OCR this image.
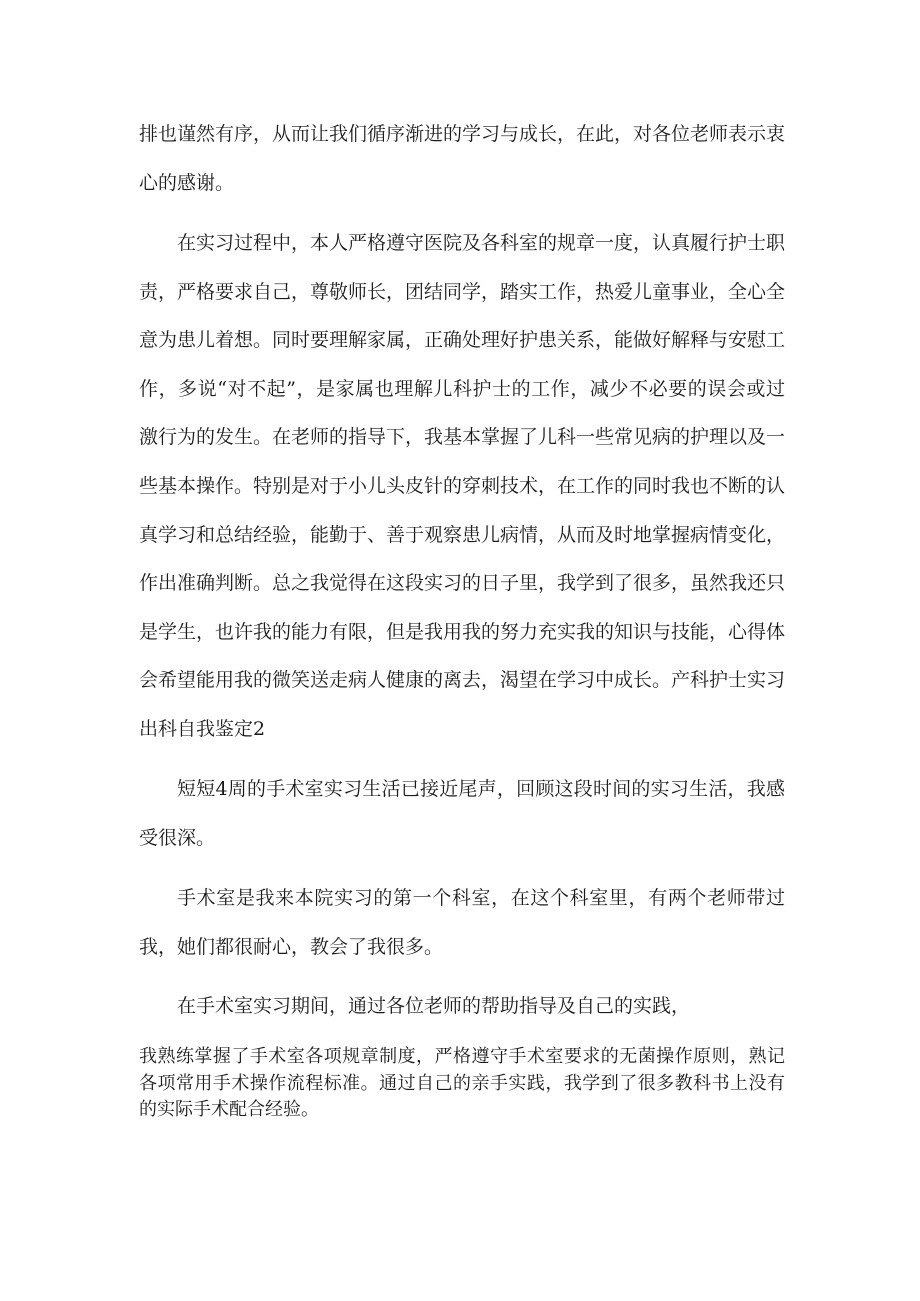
排也谨然有序，从而让我们循序渐进的学习与成长，在此，对各位老师表示衷心的感谢。

在实习过程中，本人严格遵守医院及各科室的规章一度，认真履行护士职责，严格要求自己，尊敬师长，团结同学，踏实工作，热爱儿童事业，全心全意为患儿着想。同时要理解家属，正确处理好护患关系，能做好解释与安慰工作，多说“对不起”，是家属也理解儿科护士的工作，减少不必要的误会或过激行为的发生。在老师的指导下，我基本掌握了儿科一些常见病的护理以及一些基本操作。特别是对于小儿头皮针的穿刺技术，在工作的同时我也不断的认真学习和总结经验，能勤于、善于观察患儿病情，从而及时地掌握病情变化，作出准确判断。总之我觉得在这段实习的日子里，我学到了很多，虽然我还只是学生，也许我的能力有限，但是我用我的努力充实我的知识与技能，心得体会希望能用我的微笑送走病人健康的离去，渴望在学习中成长。产科护士实习出科自我鉴定2

短短4周的手术室实习生活已接近尾声，回顾这段时间的实习生活，我感受很深。

手术室是我来本院实习的第一个科室，在这个科室里，有两个老师带过我，她们都很耐心，教会了我很多。

在手术室实习期间，通过各位老师的帮助指导及自己的实践，

我熟练掌握了手术室各项规章制度，严格遵守手术室要求的无菌操作原则，熟记各项常用手术操作流程标准。通过自己的亲手实践，我学到了很多教科书上没有的实际手术配合经验。
